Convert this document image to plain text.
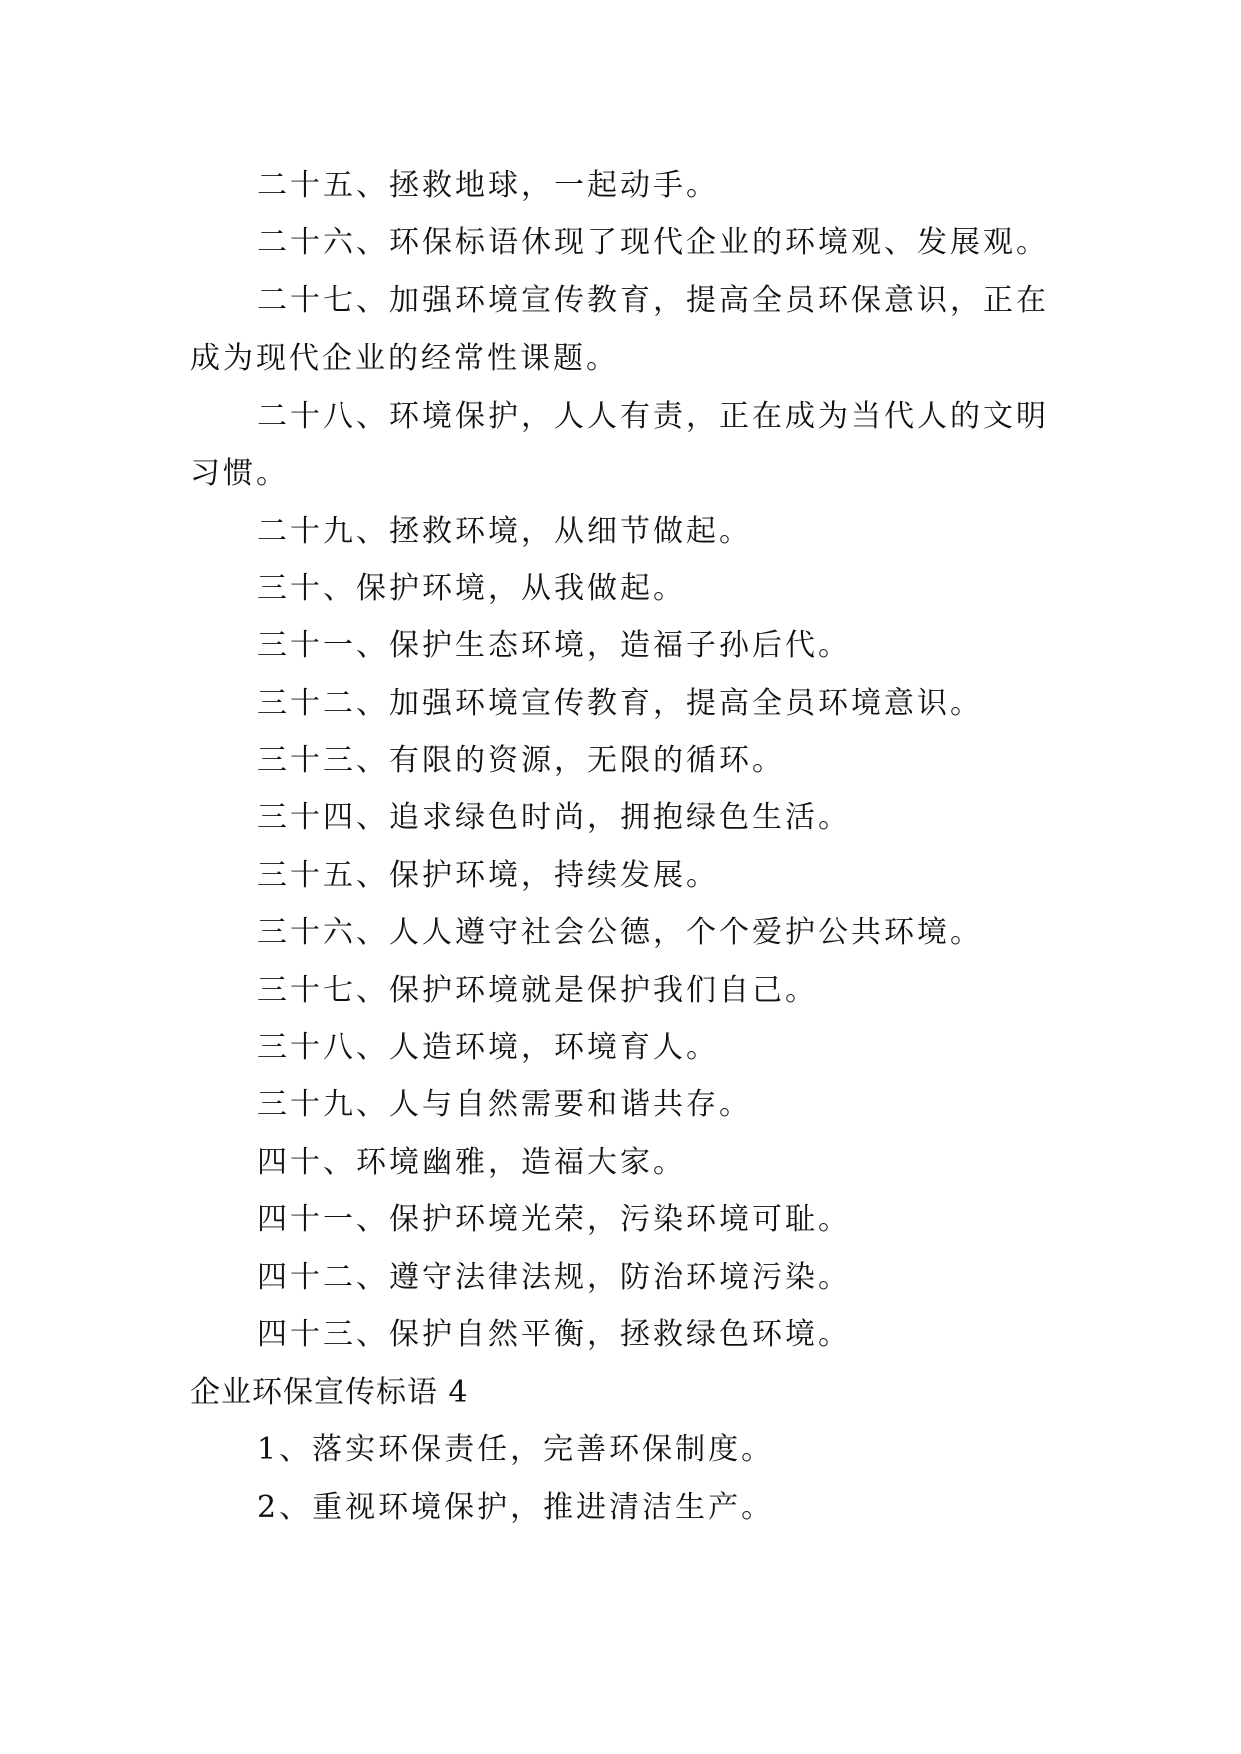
二十五、拯救地球，一起动手。
二十六、环保标语休现了现代企业的环境观、发展观。
二十七、加强环境宣传教育，提高全员环保意识，正在
成为现代企业的经常性课题。
二十八、环境保护，人人有责，正在成为当代人的文明
习惯。
二十九、拯救环境，从细节做起。
三十、保护环境，从我做起。
三十一、保护生态环境，造福子孙后代。
三十二、加强环境宣传教育，提高全员环境意识。
三十三、有限的资源，无限的循环。
三十四、追求绿色时尚，拥抱绿色生活。
三十五、保护环境，持续发展。
三十六、人人遵守社会公德，个个爱护公共环境。
三十七、保护环境就是保护我们自己。
三十八、人造环境，环境育人。
三十九、人与自然需要和谐共存。
四十、环境幽雅，造福大家。
四十一、保护环境光荣，污染环境可耻。
四十二、遵守法律法规，防治环境污染。
四十三、保护自然平衡，拯救绿色环境。
企业环保宣传标语 4
1、落实环保责任，完善环保制度。
2、重视环境保护，推进清洁生产。
